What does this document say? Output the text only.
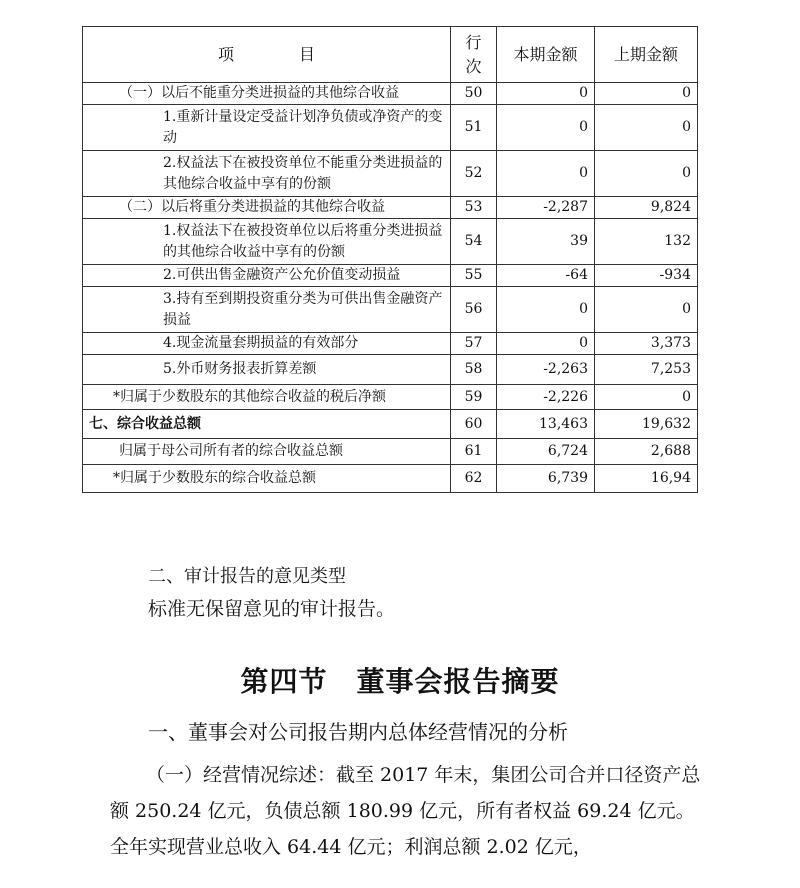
项 目	行次	本期金额	上期金额
（一）以后不能重分类进损益的其他综合收益	50	0	0
1.重新计量设定受益计划净负债或净资产的变动	51	0	0
2.权益法下在被投资单位不能重分类进损益的其他综合收益中享有的份额	52	0	0
（二）以后将重分类进损益的其他综合收益	53	-2,287	9,824
1.权益法下在被投资单位以后将重分类进损益的其他综合收益中享有的份额	54	39	132
2.可供出售金融资产公允价值变动损益	55	-64	-934
3.持有至到期投资重分类为可供出售金融资产损益	56	0	0
4.现金流量套期损益的有效部分	57	0	3,373
5.外币财务报表折算差额	58	-2,263	7,253
*归属于少数股东的其他综合收益的税后净额	59	-2,226	0
七、综合收益总额	60	13,463	19,632
归属于母公司所有者的综合收益总额	61	6,724	2,688
*归属于少数股东的综合收益总额	62	6,739	16,94
二、审计报告的意见类型
标准无保留意见的审计报告。
第四节　董事会报告摘要
一、董事会对公司报告期内总体经营情况的分析
（一）经营情况综述：截至 2017 年末，集团公司合并口径资产总额 250.24 亿元，负债总额 180.99 亿元，所有者权益 69.24 亿元。全年实现营业总收入 64.44 亿元；利润总额 2.02 亿元，
